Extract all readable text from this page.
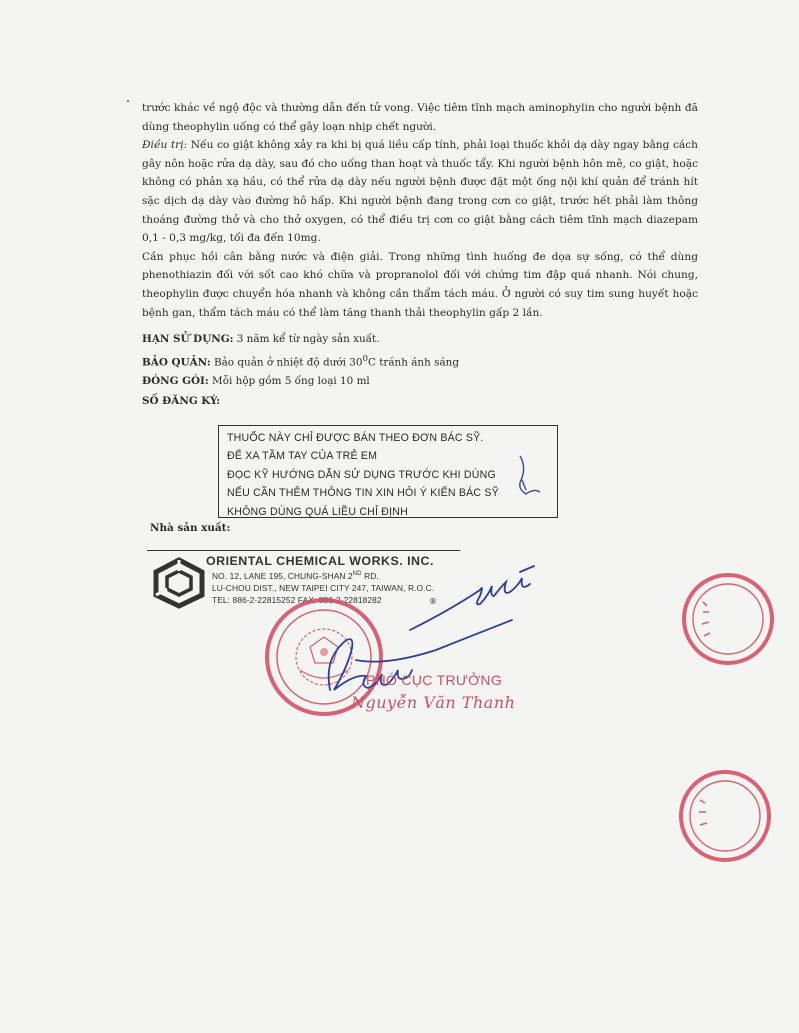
trước khác về ngộ độc và thường dẫn đến tử vong. Việc tiêm tĩnh mạch aminophylin cho người bệnh đã dùng theophylin uống có thể gây loạn nhịp chết người.

Điều trị: Nếu co giật không xảy ra khi bị quá liều cấp tính, phải loại thuốc khỏi dạ dày ngay bằng cách gây nôn hoặc rửa dạ dày, sau đó cho uống than hoạt và thuốc tẩy. Khi người bệnh hôn mê, co giật, hoặc không có phản xạ hầu, có thể rửa dạ dày nếu người bệnh được đặt một ống nội khí quản để tránh hít sặc dịch dạ dày vào đường hô hấp. Khi người bệnh đang trong cơn co giật, trước hết phải làm thông thoáng đường thở và cho thở oxygen, có thể điều trị cơn co giật bằng cách tiêm tĩnh mạch diazepam 0,1 - 0,3 mg/kg, tối đa đến 10mg.

Cần phục hồi cân bằng nước và điện giải. Trong những tình huống đe dọa sự sống, có thể dùng phenothiazin đối với sốt cao khó chữa và propranolol đối với chứng tim đập quá nhanh. Nói chung, theophylin được chuyển hóa nhanh và không cần thẩm tách máu. Ở người có suy tim sung huyết hoặc bệnh gan, thẩm tách máu có thể làm tăng thanh thải theophylin gấp 2 lần.

HẠN SỬ DỤNG: 3 năm kể từ ngày sản xuất.
BẢO QUẢN: Bảo quản ở nhiệt độ dưới $30^0C$ tránh ánh sáng
ĐÓNG GÓI: Mỗi hộp gồm 5 ống loại 10 ml
SỐ ĐĂNG KÝ:
THUỐC NÀY CHỈ ĐƯỢC BÁN THEO ĐƠN BÁC SỸ.
ĐỂ XA TẦM TAY CỦA TRẺ EM
ĐỌC KỸ HƯỚNG DẪN SỬ DỤNG TRƯỚC KHI DÙNG
NẾU CẦN THÊM THÔNG TIN XIN HỎI Ý KIẾN BÁC SỸ
KHÔNG DÙNG QUÁ LIỀU CHỈ ĐỊNH
Nhà sản xuất:
ORIENTAL CHEMICAL WORKS. INC.
NO. 12, LANE 195, CHUNG-SHAN 2ND RD.
LU-CHOU DIST., NEW TAIPEI CITY 247, TAIWAN, R.O.C.
TEL: 886-2-22815252 FAX: 886-2-22818282	®
PHÓ CỤC TRƯỞNG
Nguyễn Văn Thanh
